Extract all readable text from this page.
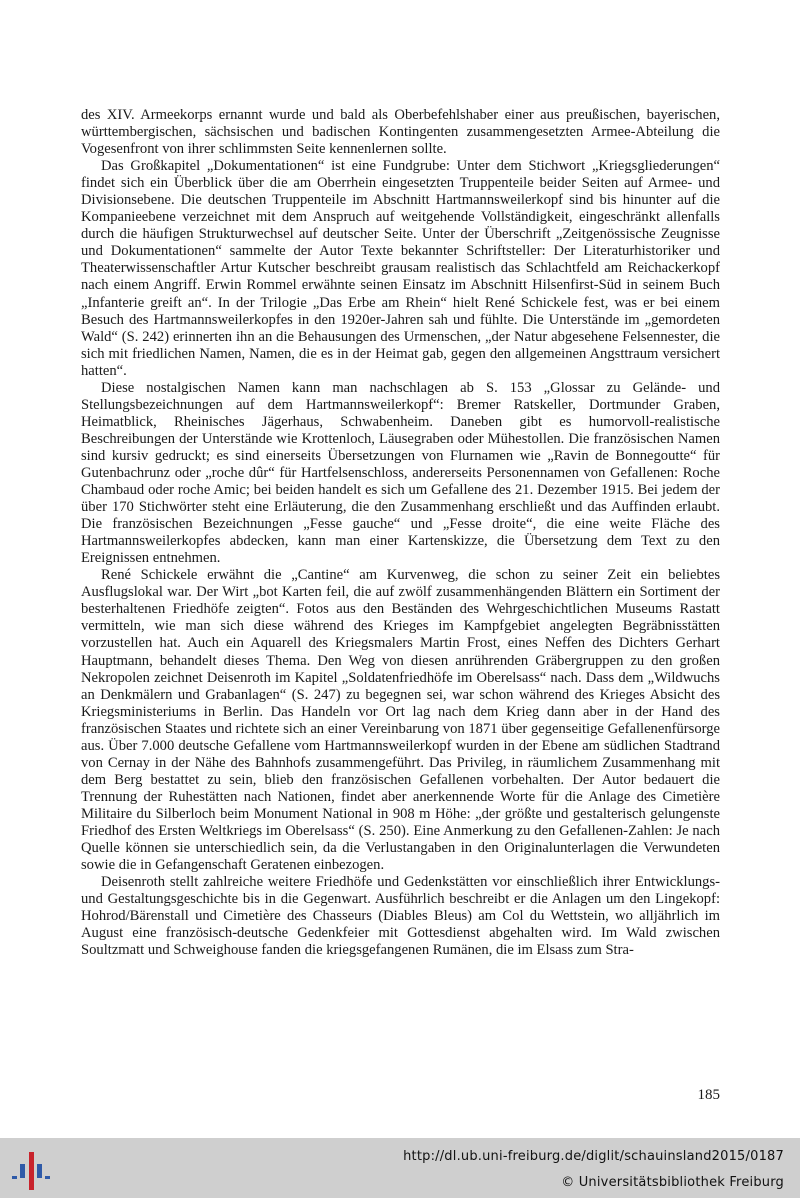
des XIV. Armeekorps ernannt wurde und bald als Oberbefehlshaber einer aus preußischen, bayerischen, württembergischen, sächsischen und badischen Kontingenten zusammengesetzten Armee-Abteilung die Vogesenfront von ihrer schlimmsten Seite kennenlernen sollte.

Das Großkapitel „Dokumentationen“ ist eine Fundgrube: Unter dem Stichwort „Kriegsgliederungen“ findet sich ein Überblick über die am Oberrhein eingesetzten Truppenteile beider Seiten auf Armee- und Divisionsebene. Die deutschen Truppenteile im Abschnitt Hartmannsweilerkopf sind bis hinunter auf die Kompanieebene verzeichnet mit dem Anspruch auf weitgehende Vollständigkeit, eingeschränkt allenfalls durch die häufigen Strukturwechsel auf deutscher Seite. Unter der Überschrift „Zeitgenössische Zeugnisse und Dokumentationen“ sammelte der Autor Texte bekannter Schriftsteller: Der Literaturhistoriker und Theaterwissenschaftler Artur Kutscher beschreibt grausam realistisch das Schlachtfeld am Reichackerkopf nach einem Angriff. Erwin Rommel erwähnte seinen Einsatz im Abschnitt Hilsenfirst-Süd in seinem Buch „Infanterie greift an“. In der Trilogie „Das Erbe am Rhein“ hielt René Schickele fest, was er bei einem Besuch des Hartmannsweilerkopfes in den 1920er-Jahren sah und fühlte. Die Unterstände im „gemordeten Wald“ (S. 242) erinnerten ihn an die Behausungen des Urmenschen, „der Natur abgesehene Felsennester, die sich mit friedlichen Namen, Namen, die es in der Heimat gab, gegen den allgemeinen Angsttraum versichert hatten“.

Diese nostalgischen Namen kann man nachschlagen ab S. 153 „Glossar zu Gelände- und Stellungsbezeichnungen auf dem Hartmannsweilerkopf“: Bremer Ratskeller, Dortmunder Graben, Heimatblick, Rheinisches Jägerhaus, Schwabenheim. Daneben gibt es humorvoll-realistische Beschreibungen der Unterstände wie Krottenloch, Läusegraben oder Mühestollen. Die französischen Namen sind kursiv gedruckt; es sind einerseits Übersetzungen von Flurnamen wie „Ravin de Bonnegoutte“ für Gutenbachrunz oder „roche dûr“ für Hartfelsenschloss, andererseits Personennamen von Gefallenen: Roche Chambaud oder roche Amic; bei beiden handelt es sich um Gefallene des 21. Dezember 1915. Bei jedem der über 170 Stichwörter steht eine Erläuterung, die den Zusammenhang erschließt und das Auffinden erlaubt. Die französischen Bezeichnungen „Fesse gauche“ und „Fesse droite“, die eine weite Fläche des Hartmannsweilerkopfes abdecken, kann man einer Kartenskizze, die Übersetzung dem Text zu den Ereignissen entnehmen.

René Schickele erwähnt die „Cantine“ am Kurvenweg, die schon zu seiner Zeit ein beliebtes Ausflugslokal war. Der Wirt „bot Karten feil, die auf zwölf zusammenhängenden Blättern ein Sortiment der besterhaltenen Friedhöfe zeigten“. Fotos aus den Beständen des Wehrgeschichtlichen Museums Rastatt vermitteln, wie man sich diese während des Krieges im Kampfgebiet angelegten Begräbnisstätten vorzustellen hat. Auch ein Aquarell des Kriegsmalers Martin Frost, eines Neffen des Dichters Gerhart Hauptmann, behandelt dieses Thema. Den Weg von diesen anrührenden Gräbergruppen zu den großen Nekropolen zeichnet Deisenroth im Kapitel „Soldatenfriedhöfe im Oberelsass“ nach. Dass dem „Wildwuchs an Denkmälern und Grabanlagen“ (S. 247) zu begegnen sei, war schon während des Krieges Absicht des Kriegsministeriums in Berlin. Das Handeln vor Ort lag nach dem Krieg dann aber in der Hand des französischen Staates und richtete sich an einer Vereinbarung von 1871 über gegenseitige Gefallenenfürsorge aus. Über 7.000 deutsche Gefallene vom Hartmannsweilerkopf wurden in der Ebene am südlichen Stadtrand von Cernay in der Nähe des Bahnhofs zusammengeführt. Das Privileg, in räumlichem Zusammenhang mit dem Berg bestattet zu sein, blieb den französischen Gefallenen vorbehalten. Der Autor bedauert die Trennung der Ruhestätten nach Nationen, findet aber anerkennende Worte für die Anlage des Cimetière Militaire du Silberloch beim Monument National in 908 m Höhe: „der größte und gestalterisch gelungenste Friedhof des Ersten Weltkriegs im Oberelsass“ (S. 250). Eine Anmerkung zu den Gefallenen-Zahlen: Je nach Quelle können sie unterschiedlich sein, da die Verlustangaben in den Originalunterlagen die Verwundeten sowie die in Gefangenschaft Geratenen einbezogen.

Deisenroth stellt zahlreiche weitere Friedhöfe und Gedenkstätten vor einschließlich ihrer Entwicklungs- und Gestaltungsgeschichte bis in die Gegenwart. Ausführlich beschreibt er die Anlagen um den Lingekopf: Hohrod/Bärenstall und Cimetière des Chasseurs (Diables Bleus) am Col du Wettstein, wo alljährlich im August eine französisch-deutsche Gedenkfeier mit Gottesdienst abgehalten wird. Im Wald zwischen Soultzmatt und Schweighouse fanden die kriegsgefangenen Rumänen, die im Elsass zum Stra-

185
http://dl.ub.uni-freiburg.de/diglit/schauinsland2015/0187
© Universitätsbibliothek Freiburg
